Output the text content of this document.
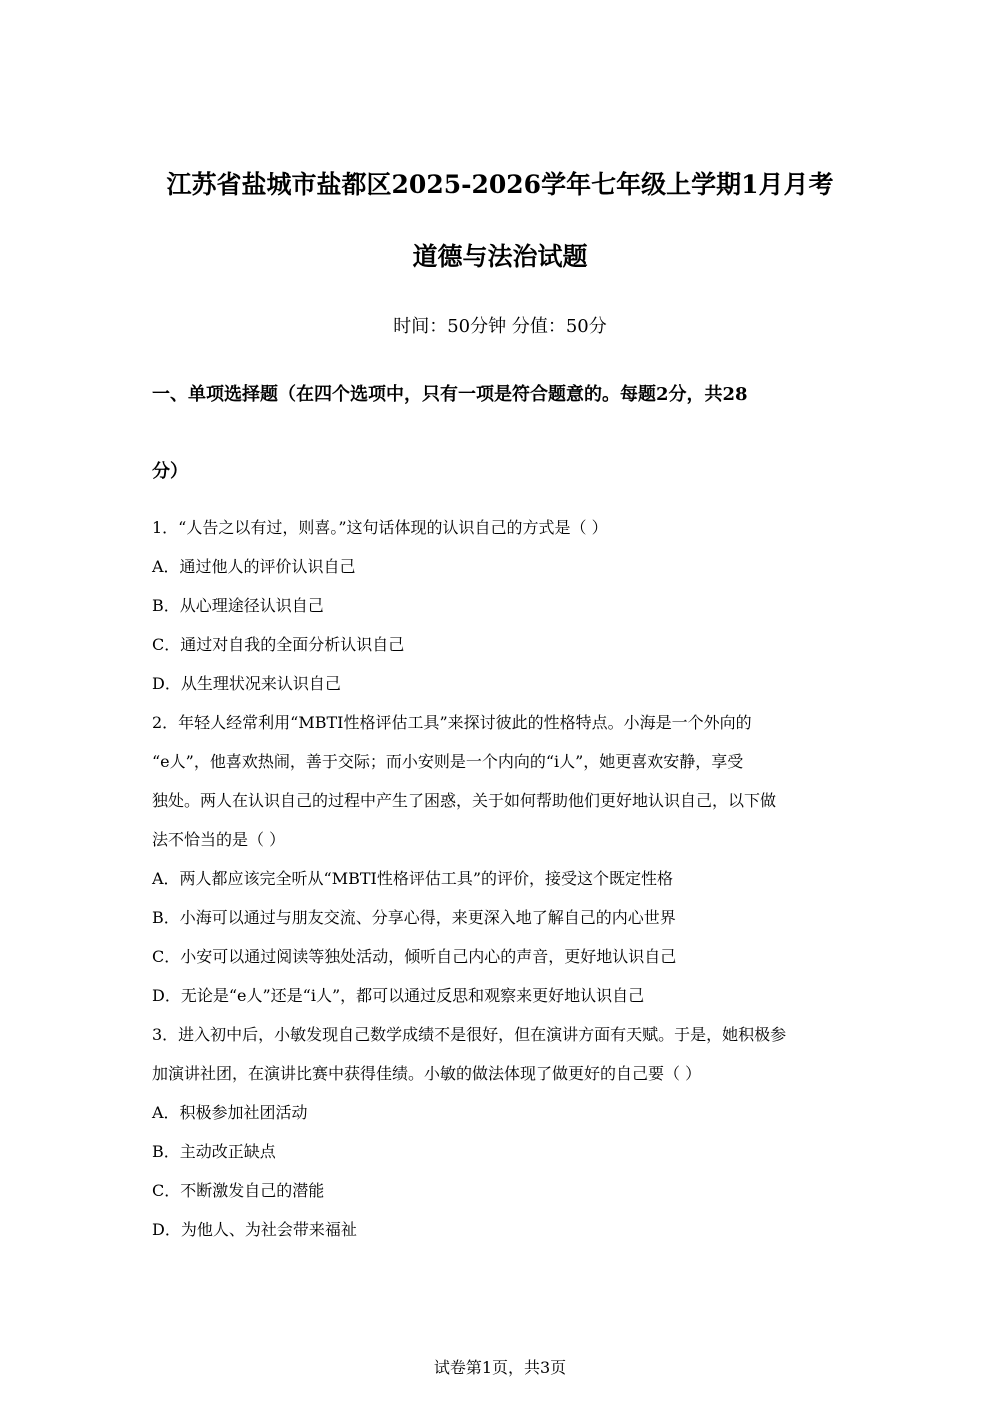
江苏省盐城市盐都区2025-2026学年七年级上学期1月月考
道德与法治试题
时间：50分钟 分值：50分
一、单项选择题（在四个选项中，只有一项是符合题意的。每题2分，共28
分）
1．“人告之以有过，则喜。”这句话体现的认识自己的方式是（ ）
A．通过他人的评价认识自己
B．从心理途径认识自己
C．通过对自我的全面分析认识自己
D．从生理状况来认识自己
2．年轻人经常利用“MBTI性格评估工具”来探讨彼此的性格特点。小海是一个外向的
“e人”，他喜欢热闹，善于交际；而小安则是一个内向的“i人”，她更喜欢安静，享受
独处。两人在认识自己的过程中产生了困惑，关于如何帮助他们更好地认识自己，以下做
法不恰当的是（ ）
A．两人都应该完全听从“MBTI性格评估工具”的评价，接受这个既定性格
B．小海可以通过与朋友交流、分享心得，来更深入地了解自己的内心世界
C．小安可以通过阅读等独处活动，倾听自己内心的声音，更好地认识自己
D．无论是“e人”还是“i人”，都可以通过反思和观察来更好地认识自己
3．进入初中后，小敏发现自己数学成绩不是很好，但在演讲方面有天赋。于是，她积极参
加演讲社团，在演讲比赛中获得佳绩。小敏的做法体现了做更好的自己要（ ）
A．积极参加社团活动
B．主动改正缺点
C．不断激发自己的潜能
D．为他人、为社会带来福祉
试卷第1页，共3页
